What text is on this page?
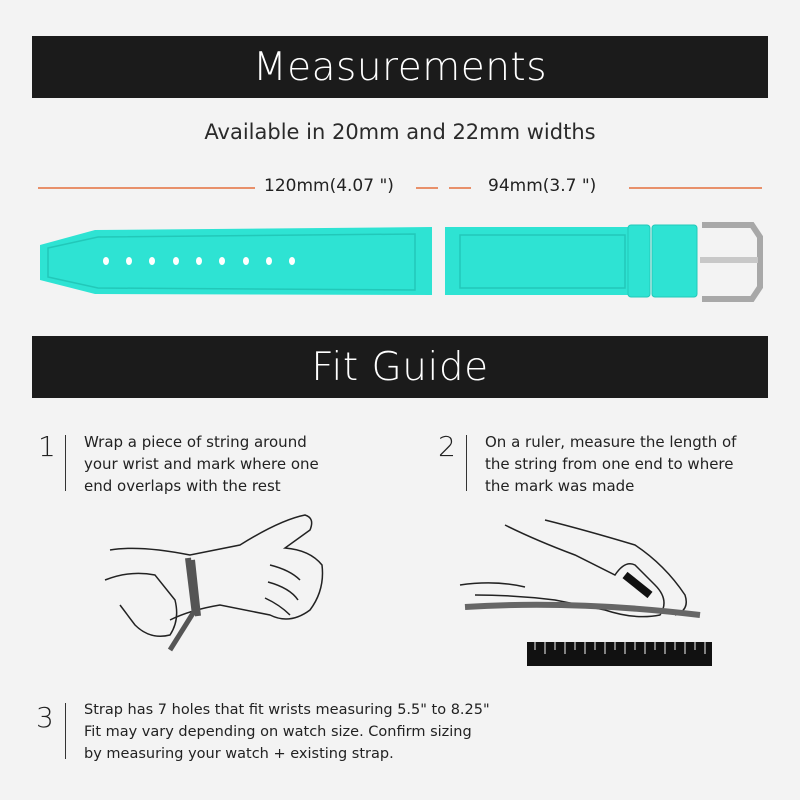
Measurements
Available in 20mm and 22mm widths
120mm(4.07 ")	94mm(3.7 ")
Fit Guide
1 Wrap a piece of string around
your wrist and mark where one
end overlaps with the rest
2 On a ruler, measure the length of
the string from one end to where
the mark was made
3 Strap has 7 holes that fit wrists measuring 5.5" to 8.25"
Fit may vary depending on watch size. Confirm sizing
by measuring your watch + existing strap.
